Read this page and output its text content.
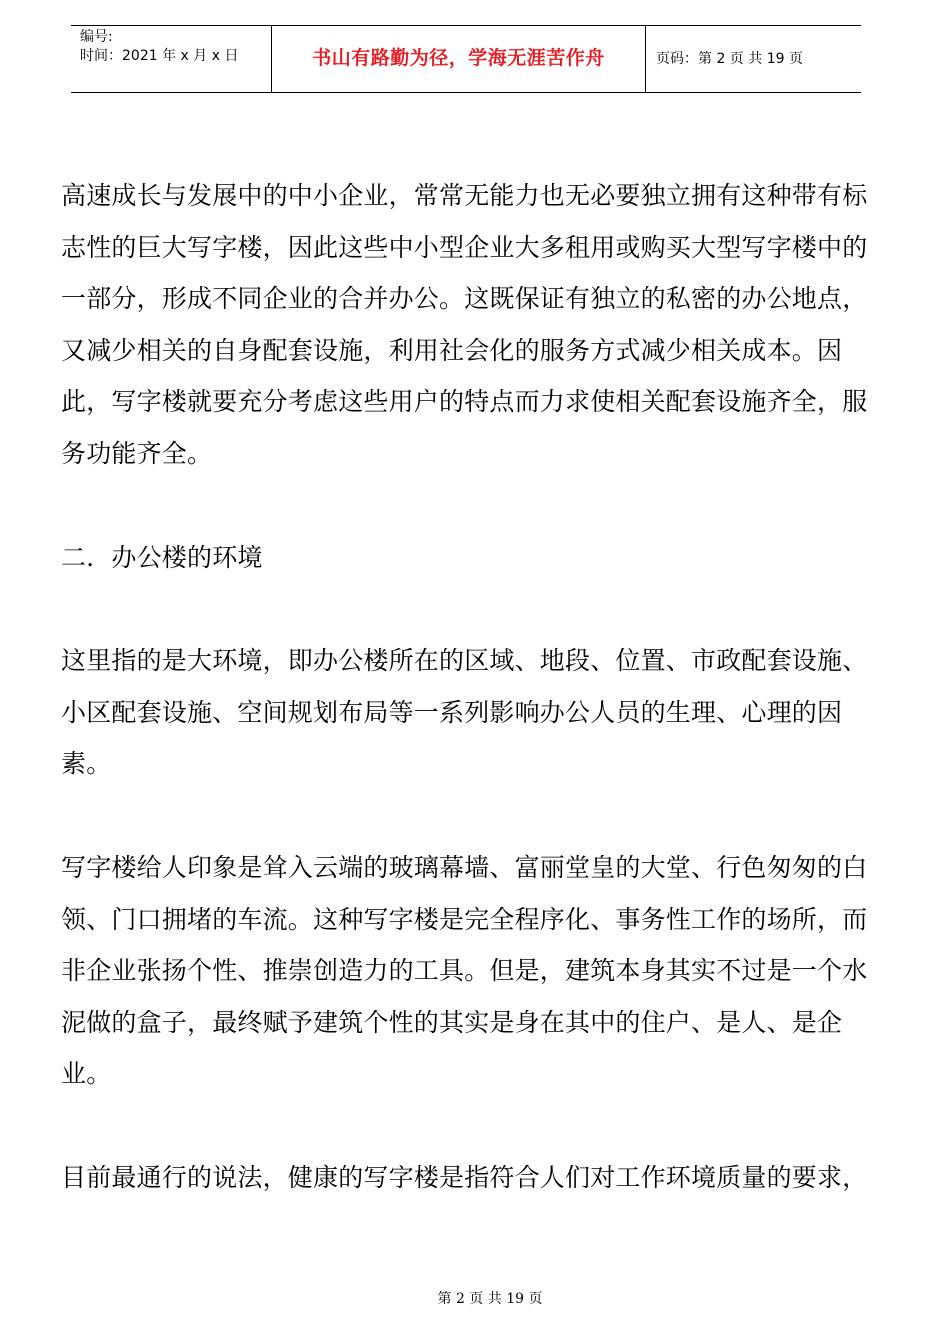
编号:
时间：2021 年 x 月 x 日	书山有路勤为径，学海无涯苦作舟	页码：第 2 页 共 19 页

高速成长与发展中的中小企业，常常无能力也无必要独立拥有这种带有标志性的巨大写字楼，因此这些中小型企业大多租用或购买大型写字楼中的一部分，形成不同企业的合并办公。这既保证有独立的私密的办公地点，又减少相关的自身配套设施，利用社会化的服务方式减少相关成本。因此，写字楼就要充分考虑这些用户的特点而力求使相关配套设施齐全，服务功能齐全。

二．办公楼的环境

这里指的是大环境，即办公楼所在的区域、地段、位置、市政配套设施、小区配套设施、空间规划布局等一系列影响办公人员的生理、心理的因素。

写字楼给人印象是耸入云端的玻璃幕墙、富丽堂皇的大堂、行色匆匆的白领、门口拥堵的车流。这种写字楼是完全程序化、事务性工作的场所，而非企业张扬个性、推崇创造力的工具。但是，建筑本身其实不过是一个水泥做的盒子，最终赋予建筑个性的其实是身在其中的住户、是人、是企业。

目前最通行的说法，健康的写字楼是指符合人们对工作环境质量的要求，

第 2 页 共 19 页
